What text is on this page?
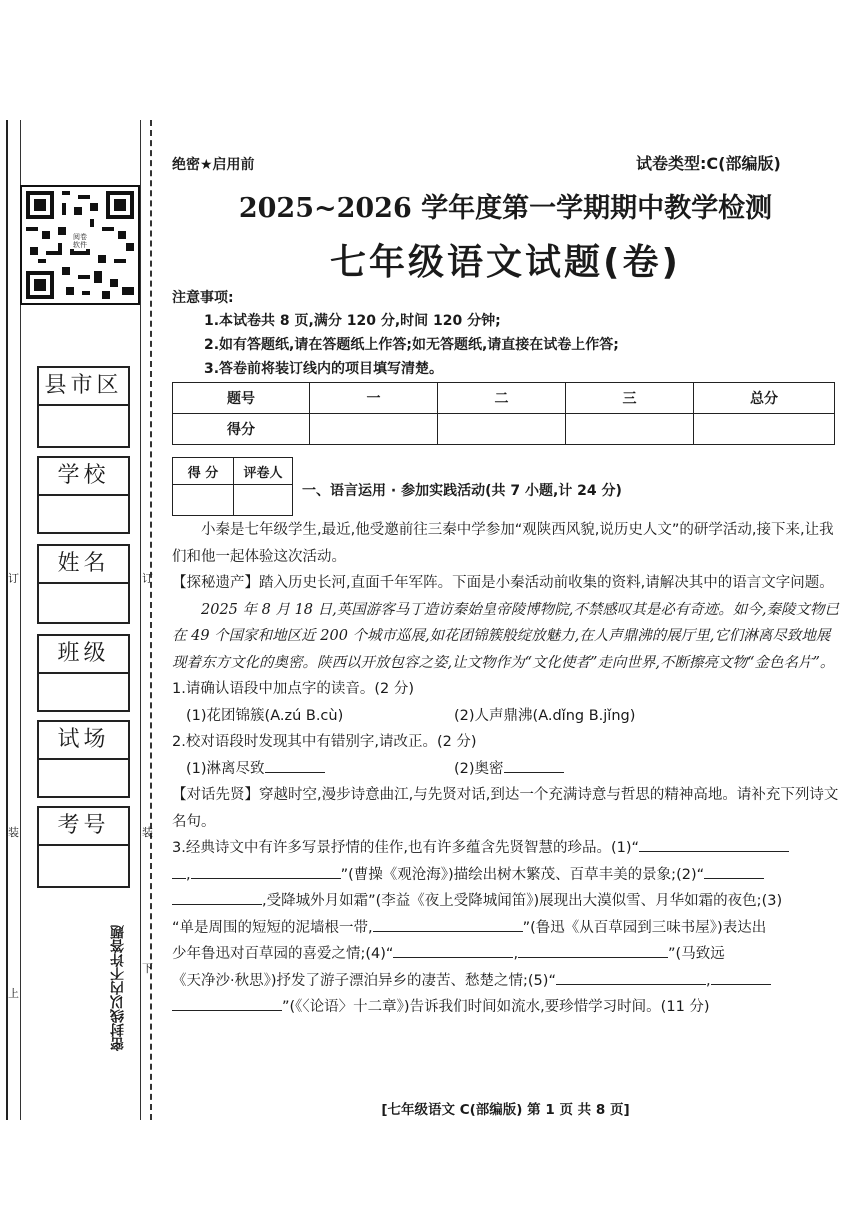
阅卷软件
县市区
学校
姓名
班级
试场
考号
订	订
装	装
上
下
密封线以内不许答题
绝密★启用前	试卷类型:C(部编版)
2025~2026 学年度第一学期期中教学检测
七年级语文试题(卷)
注意事项:
1.本试卷共 8 页,满分 120 分,时间 120 分钟;
2.如有答题纸,请在答题纸上作答;如无答题纸,请直接在试卷上作答;
3.答卷前将装订线内的项目填写清楚。
题号	一	二	三	总分
得分				
得 分	评卷人

一、语言运用 · 参加实践活动(共 7 小题,计 24 分)

小秦是七年级学生,最近,他受邀前往三秦中学参加“观陕西风貌,说历史人文”的研学活动,接下来,让我们和他一起体验这次活动。

【探秘遗产】踏入历史长河,直面千年军阵。下面是小秦活动前收集的资料,请解决其中的语言文字问题。

2025 年 8 月 18 日,英国游客马丁造访秦始皇帝陵博物院,不禁感叹其是必有奇迹。如今,秦陵文物已在 49 个国家和地区近 200 个城市巡展,如花团锦簇般绽放魅力,在人声鼎沸的展厅里,它们淋离尽致地展现着东方文化的奥密。陕西以开放包容之姿,让文物作为“文化使者”走向世界,不断擦亮文物“金色名片”。

1.请确认语段中加点字的读音。(2 分)

(1)花团锦簇(A.zú B.cù)	(2)人声鼎沸(A.dǐng B.jǐng)

2.校对语段时发现其中有错别字,请改正。(2 分)

(1)淋离尽致	(2)奥密

【对话先贤】穿越时空,漫步诗意曲江,与先贤对话,到达一个充满诗意与哲思的精神高地。请补充下列诗文名句。

3.经典诗文中有许多写景抒情的佳作,也有许多蕴含先贤智慧的珍品。(1)“
,	”(曹操《观沧海》)描绘出树木繁茂、百草丰美的景象;(2)“
,受降城外月如霜”(李益《夜上受降城闻笛》)展现出大漠似雪、月华如霜的夜色;(3)
“单是周围的短短的泥墙根一带,	”(鲁迅《从百草园到三味书屋》)表达出
少年鲁迅对百草园的喜爱之情;(4)“	,	”(马致远
《天净沙·秋思》)抒发了游子漂泊异乡的凄苦、愁楚之情;(5)“	,
”(《〈论语〉十二章》)告诉我们时间如流水,要珍惜学习时间。(11 分)

[七年级语文 C(部编版) 第 1 页 共 8 页]
